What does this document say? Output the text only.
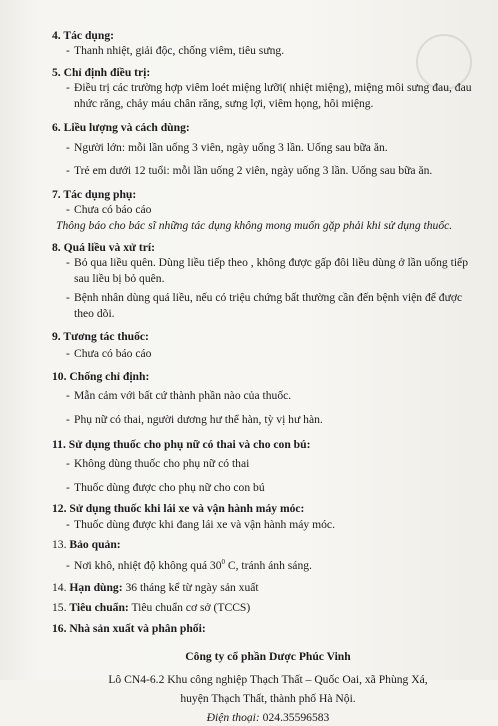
4. Tác dụng:
- Thanh nhiệt, giải độc, chống viêm, tiêu sưng.
5. Chỉ định điều trị:
- Điều trị các trường hợp viêm loét miệng lưỡi( nhiệt miệng), miệng môi sưng đau, đau nhức răng, chảy máu chân răng, sưng lợi, viêm họng, hôi miệng.
6. Liều lượng và cách dùng:
- Người lớn: mỗi lần uống 3 viên, ngày uống 3 lần. Uống sau bữa ăn.
- Trẻ em dưới 12 tuổi: mỗi lần uống 2 viên, ngày uống 3 lần. Uống sau bữa ăn.
7. Tác dụng phụ:
- Chưa có báo cáo
Thông báo cho bác sĩ những tác dụng không mong muốn gặp phải khi sử dụng thuốc.
8. Quá liều và xử trí:
- Bỏ qua liều quên. Dùng liều tiếp theo , không được gấp đôi liều dùng ở lần uống tiếp sau liều bị bỏ quên.
- Bệnh nhân dùng quá liều, nếu có triệu chứng bất thường cần đến bệnh viện để được theo dõi.
9. Tương tác thuốc:
- Chưa có báo cáo
10. Chống chỉ định:
- Mẫn cảm với bất cứ thành phần nào của thuốc.
- Phụ nữ có thai, người dương hư thể hàn, tỳ vị hư hàn.
11. Sử dụng thuốc cho phụ nữ có thai và cho con bú:
- Không dùng thuốc cho phụ nữ có thai
- Thuốc dùng được cho phụ nữ cho con bú
12. Sử dụng thuốc khi lái xe và vận hành máy móc:
- Thuốc dùng được khi đang lái xe và vận hành máy móc.
13. Bảo quản:
- Nơi khô, nhiệt độ không quá $30^0$ C, tránh ánh sáng.
14. Hạn dùng: 36 tháng kể từ ngày sản xuất
15. Tiêu chuẩn: Tiêu chuẩn cơ sở (TCCS)
16. Nhà sản xuất và phân phối:
Công ty cổ phần Dược Phúc Vinh
Lô CN4-6.2 Khu công nghiệp Thạch Thất – Quốc Oai, xã Phùng Xá,
huyện Thạch Thất, thành phố Hà Nội.
Điện thoại: 024.35596583
